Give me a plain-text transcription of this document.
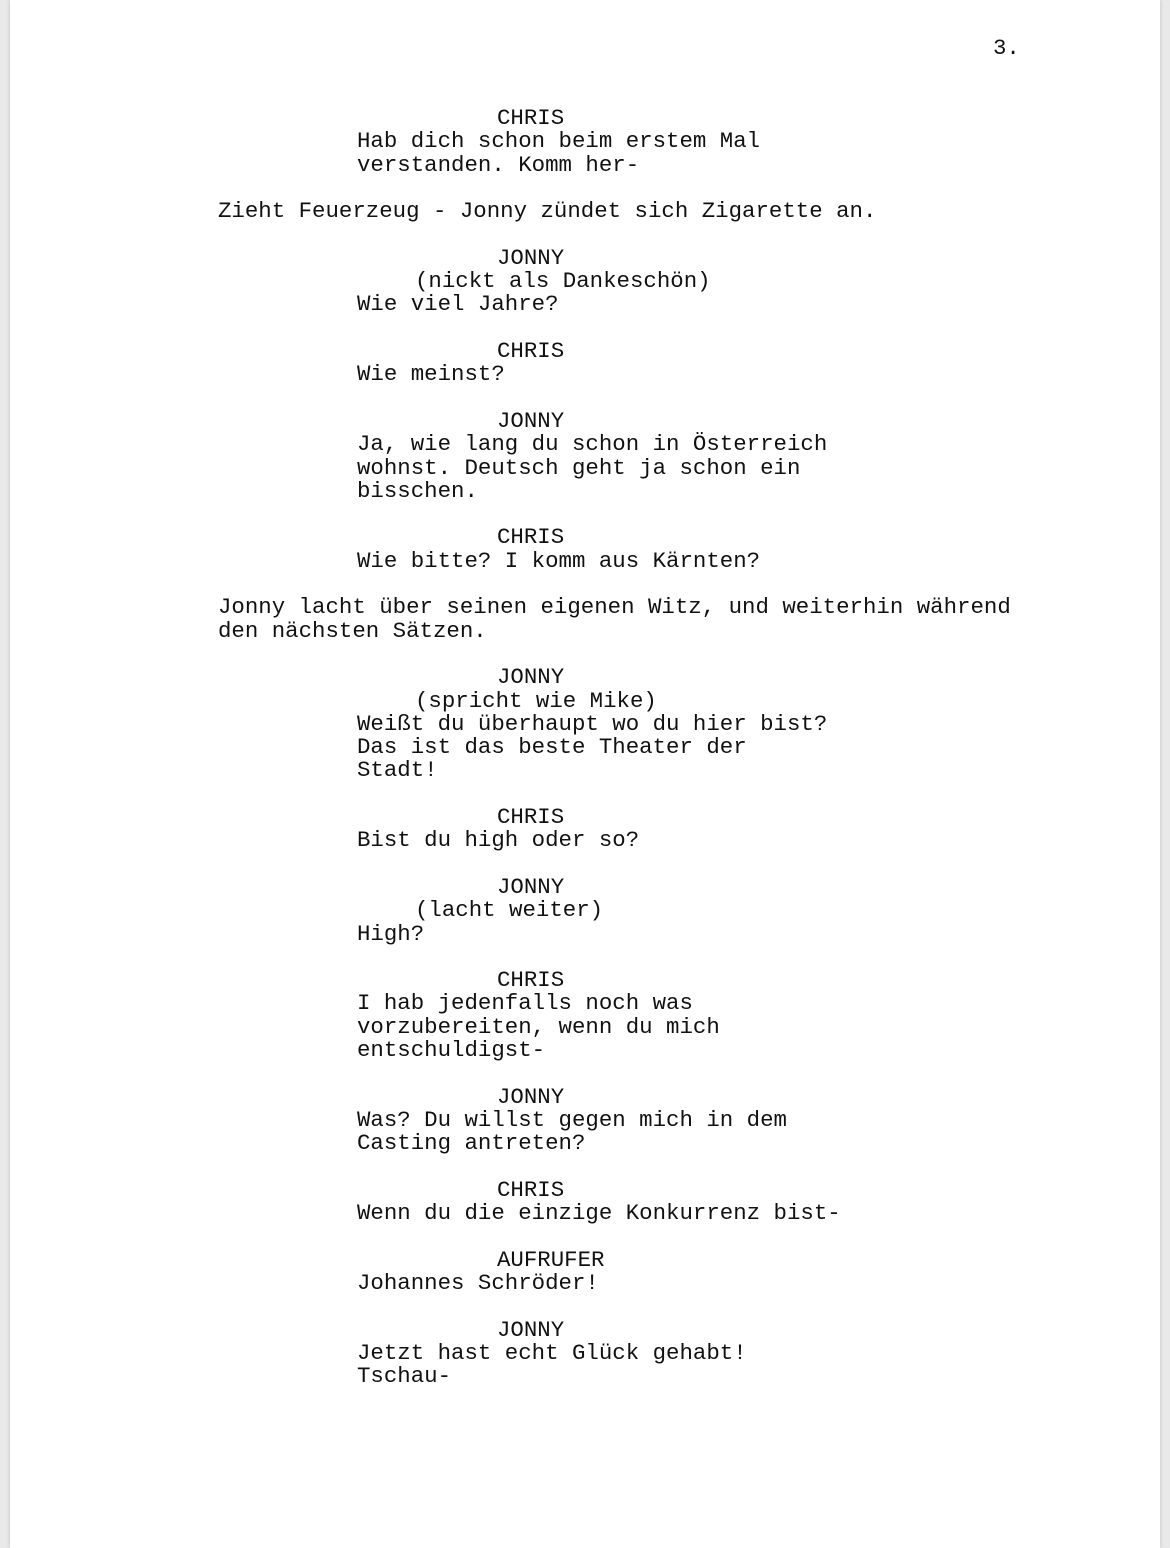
3.
CHRIS
Hab dich schon beim erstem Mal
verstanden. Komm her-
Zieht Feuerzeug - Jonny zündet sich Zigarette an.
JONNY
(nickt als Dankeschön)
Wie viel Jahre?
CHRIS
Wie meinst?
JONNY
Ja, wie lang du schon in Österreich
wohnst. Deutsch geht ja schon ein
bisschen.
CHRIS
Wie bitte? I komm aus Kärnten?
Jonny lacht über seinen eigenen Witz, und weiterhin während
den nächsten Sätzen.
JONNY
(spricht wie Mike)
Weißt du überhaupt wo du hier bist?
Das ist das beste Theater der
Stadt!
CHRIS
Bist du high oder so?
JONNY
(lacht weiter)
High?
CHRIS
I hab jedenfalls noch was
vorzubereiten, wenn du mich
entschuldigst-
JONNY
Was? Du willst gegen mich in dem
Casting antreten?
CHRIS
Wenn du die einzige Konkurrenz bist-
AUFRUFER
Johannes Schröder!
JONNY
Jetzt hast echt Glück gehabt!
Tschau-
